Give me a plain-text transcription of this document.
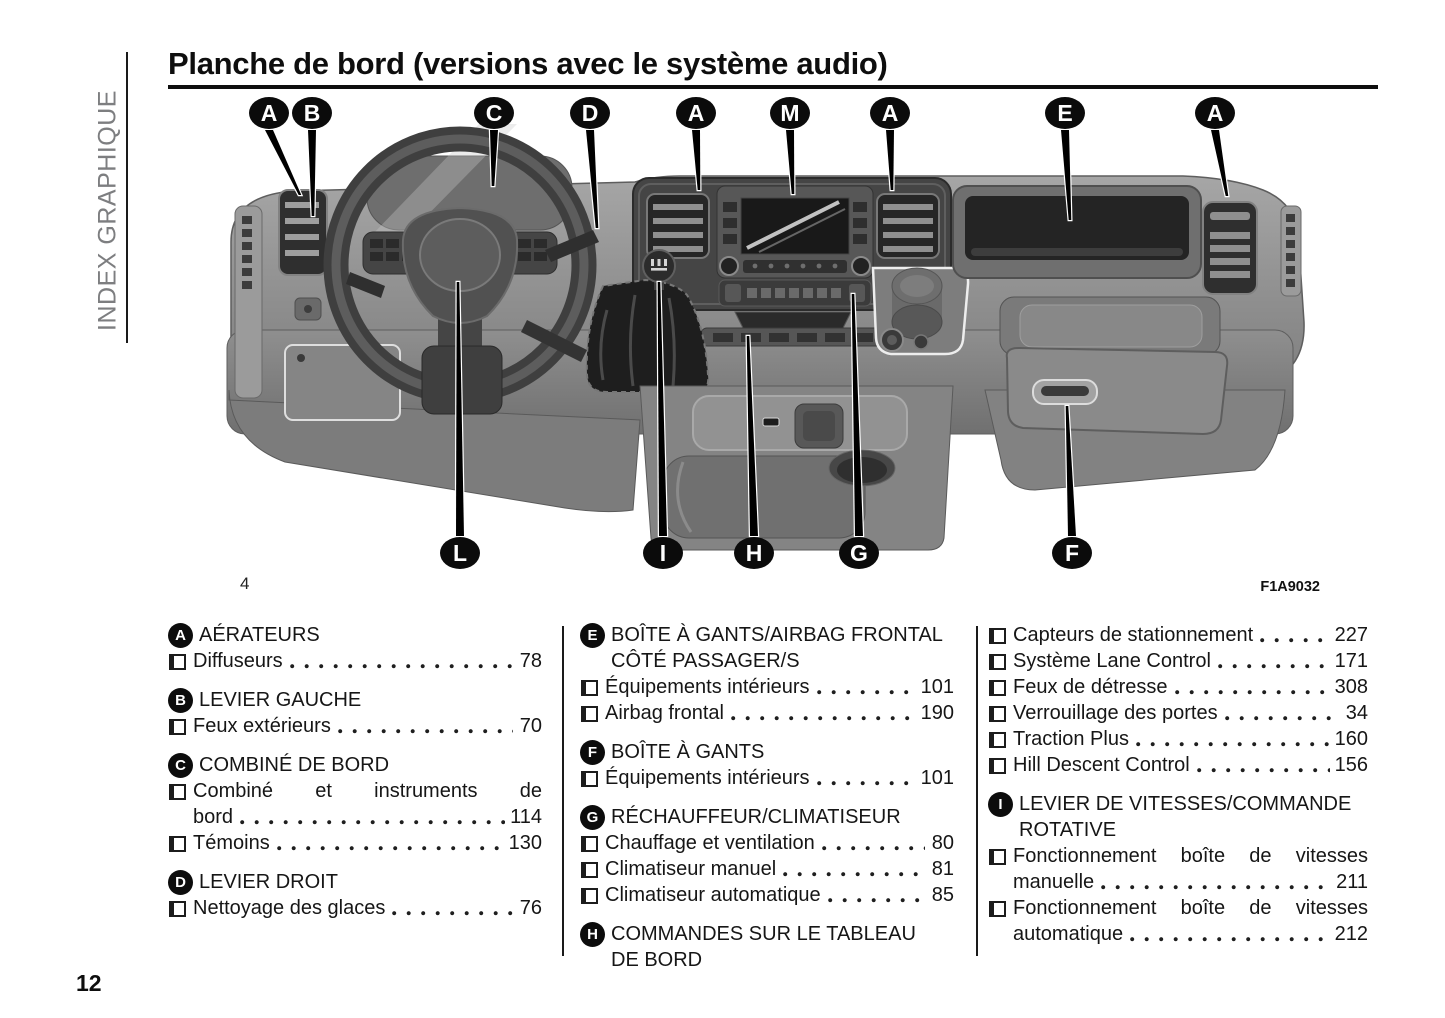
INDEX GRAPHIQUE
Planche de bord (versions avec le système audio)
A B	C	D	A	M	A	E	A
L	I	H	G	F
4	F1A9032
A AÉRATEURS
Diffuseurs	78
B LEVIER GAUCHE
Feux extérieurs	70
C COMBINÉ DE BORD
Combiné et instruments de
bord	114
Témoins	130
D LEVIER DROIT
Nettoyage des glaces	76
E BOÎTE À GANTS/AIRBAG FRONTAL
CÔTÉ PASSAGER/S
Équipements intérieurs	101
Airbag frontal	190
F BOÎTE À GANTS
Équipements intérieurs	101
G RÉCHAUFFEUR/CLIMATISEUR
Chauffage et ventilation	80
Climatiseur manuel	81
Climatiseur automatique	85
H COMMANDES SUR LE TABLEAU
DE BORD
Capteurs de stationnement	227
Système Lane Control	171
Feux de détresse	308
Verrouillage des portes	34
Traction Plus	160
Hill Descent Control	156
I LEVIER DE VITESSES/COMMANDE
ROTATIVE
Fonctionnement boîte de vitesses
manuelle	211
Fonctionnement boîte de vitesses
automatique	212
12
